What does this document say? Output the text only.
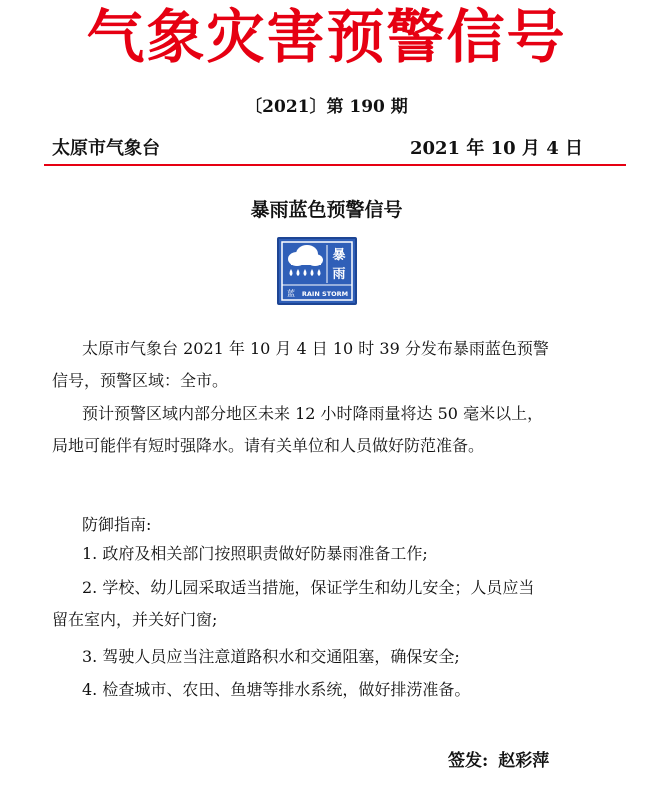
气象灾害预警信号
〔2021〕第 190 期
太原市气象台	2021 年 10 月 4 日
暴雨蓝色预警信号
暴
雨
蓝 RAIN STORM

太原市气象台 2021 年 10 月 4 日 10 时 39 分发布暴雨蓝色预警

信号，预警区域：全市。

预计预警区域内部分地区未来 12 小时降雨量将达 50 毫米以上，

局地可能伴有短时强降水。请有关单位和人员做好防范准备。

防御指南:
1. 政府及相关部门按照职责做好防暴雨准备工作;

2. 学校、幼儿园采取适当措施，保证学生和幼儿安全；人员应当

留在室内，并关好门窗;

3. 驾驶人员应当注意道路积水和交通阻塞，确保安全;
4. 检查城市、农田、鱼塘等排水系统，做好排涝准备。
签发: 赵彩萍
